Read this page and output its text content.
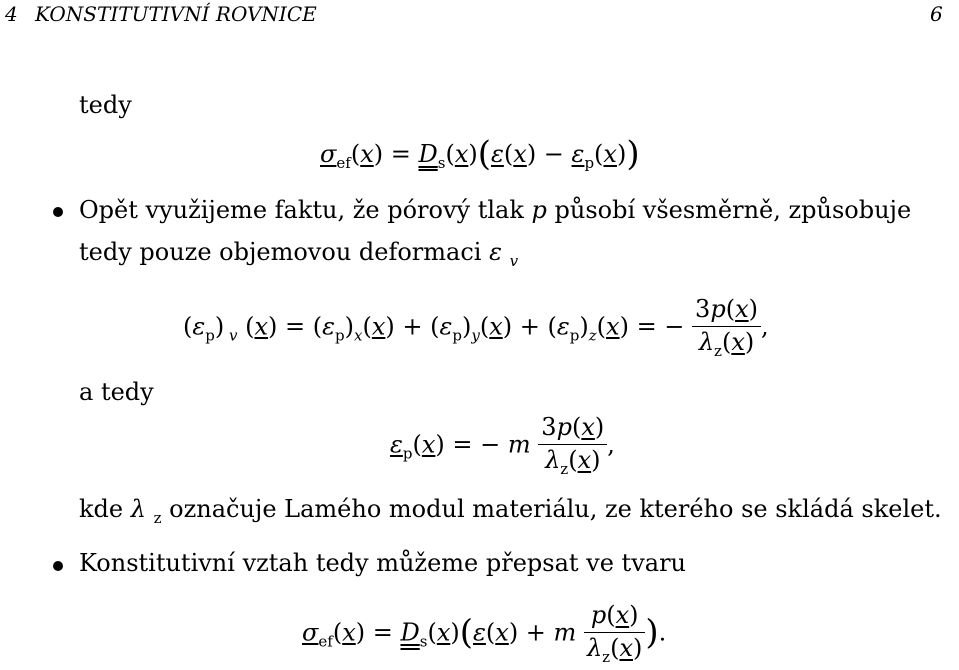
4 KONSTITUTIVNÍ ROVNICE	6
tedy
$\sigma_{ef}(x) = D_s(x)(\varepsilon(x) - \varepsilon_p(x))$
Opět využijeme faktu, že pórový tlak p působí všesměrně, způsobuje
tedy pouze objemovou deformaci ε $_v$
$(\varepsilon_p)$ $_v$ $(x) = (\varepsilon_p)_x(x) + (\varepsilon_p)_y(x) + (\varepsilon_p)_z(x)$ = − $\frac{3p(x)}{\lambda_z(x)}$ ,
a tedy
$\varepsilon_p(x)$ = − m $\frac{3p(x)}{\lambda_z(x)}$ ,
kde λ $_z$ označuje Lamého modul materiálu, ze kterého se skládá skelet.
Konstitutivní vztah tedy můžeme přepsat ve tvaru
$\sigma_{ef}(x) = D_s(x)(\varepsilon(x) + m \frac{p(x)}{\lambda_z(x)}$ ).
